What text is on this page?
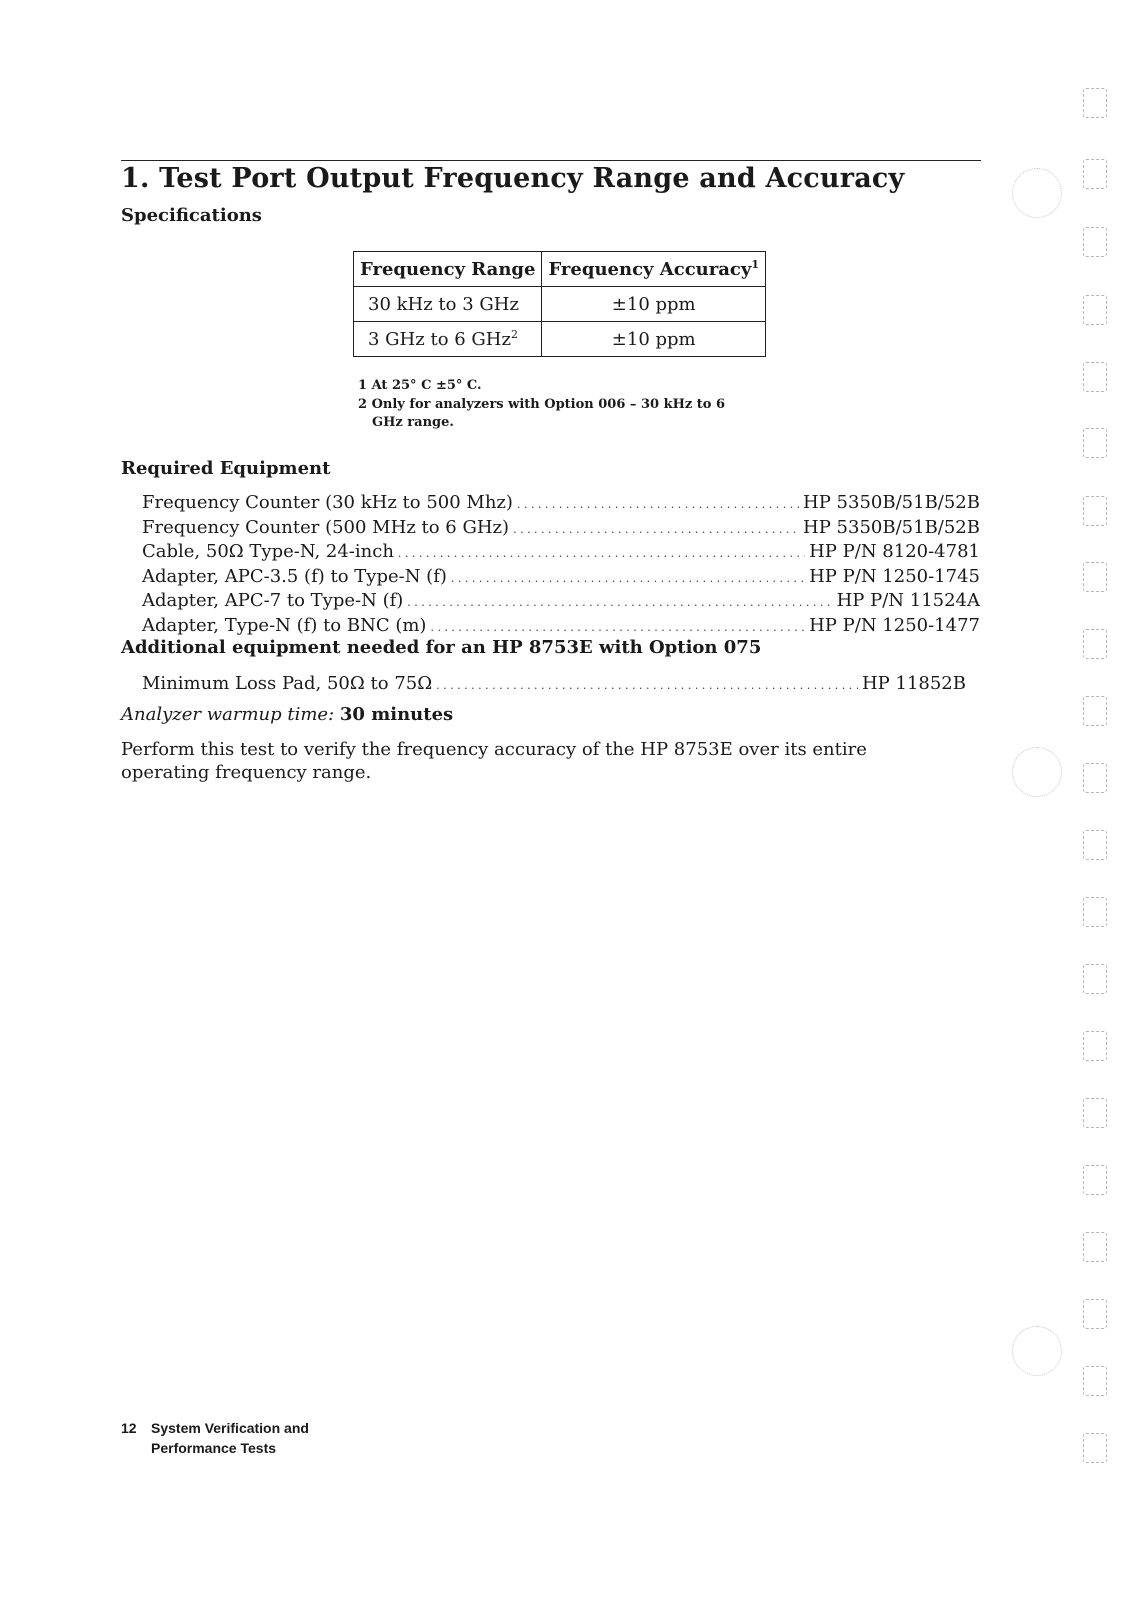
1. Test Port Output Frequency Range and Accuracy
Specifications
Frequency Range	Frequency Accuracy$^1$
30 kHz to 3 GHz	±10 ppm
3 GHz to 6 GHz$^2$	±10 ppm
1 At 25° C ±5° C.
2 Only for analyzers with Option 006 – 30 kHz to 6 GHz range.
Required Equipment
Frequency Counter (30 kHz to 500 Mhz) . . .	HP 5350B/51B/52B
Frequency Counter (500 MHz to 6 GHz) . . .	HP 5350B/51B/52B
Cable, 50Ω Type-N, 24-inch . . .	HP P/N 8120-4781
Adapter, APC-3.5 (f) to Type-N (f) . . .	HP P/N 1250-1745
Adapter, APC-7 to Type-N (f) . . .	HP P/N 11524A
Adapter, Type-N (f) to BNC (m) . . .	HP P/N 1250-1477
Additional equipment needed for an HP 8753E with Option 075
Minimum Loss Pad, 50Ω to 75Ω . . .	HP 11852B
Analyzer warmup time: 30 minutes

Perform this test to verify the frequency accuracy of the HP 8753E over its entire operating frequency range.

12 System Verification and
Performance Tests
